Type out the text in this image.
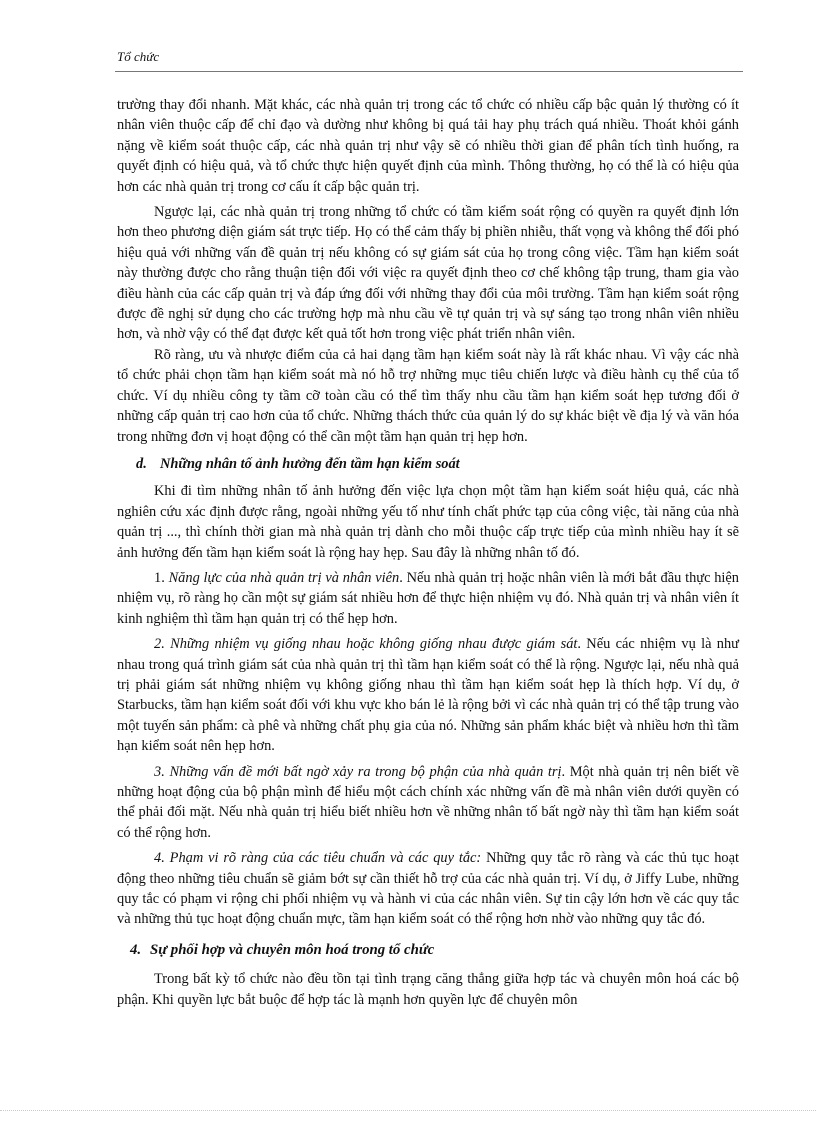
Tổ chức

trường thay đổi nhanh. Mặt khác, các nhà quản trị trong các tổ chức có nhiều cấp bậc quản lý thường có ít nhân viên thuộc cấp để chỉ đạo và dường như không bị quá tải hay phụ trách quá nhiều. Thoát khỏi gánh nặng về kiểm soát thuộc cấp, các nhà quản trị như vậy sẽ có nhiều thời gian để phân tích tình huống, ra quyết định có hiệu quả, và tổ chức thực hiện quyết định của mình. Thông thường, họ có thể là có hiệu qủa hơn các nhà quản trị trong cơ cấu ít cấp bậc quản trị.

Ngược lại, các nhà quản trị trong những tổ chức có tầm kiểm soát rộng có quyền ra quyết định lớn hơn theo phương diện giám sát trực tiếp. Họ có thể cảm thấy bị phiền nhiễu, thất vọng và không thể đối phó hiệu quả với những vấn đề quản trị nếu không có sự giám sát của họ trong công việc. Tầm hạn kiểm soát này thường được cho rằng thuận tiện đối với việc ra quyết định theo cơ chế không tập trung, tham gia vào điều hành của các cấp quản trị và đáp ứng đối với những thay đổi của môi trường. Tầm hạn kiểm soát rộng được đề nghị sử dụng cho các trường hợp mà nhu cầu về tự quản trị và sự sáng tạo trong nhân viên nhiều hơn, và nhờ vậy có thể đạt được kết quả tốt hơn trong việc phát triển nhân viên.

Rõ ràng, ưu và nhược điểm của cả hai dạng tầm hạn kiểm soát này là rất khác nhau. Vì vậy các nhà tổ chức phải chọn tầm hạn kiểm soát mà nó hỗ trợ những mục tiêu chiến lược và điều hành cụ thể của tổ chức. Ví dụ nhiều công ty tầm cỡ toàn cầu có thể tìm thấy nhu cầu tầm hạn kiểm soát hẹp tương đối ở những cấp quản trị cao hơn của tổ chức. Những thách thức của quản lý do sự khác biệt về địa lý và văn hóa trong những đơn vị hoạt động có thể cần một tầm hạn quản trị hẹp hơn.

d. Những nhân tố ảnh hưởng đến tầm hạn kiểm soát

Khi đi tìm những nhân tố ảnh hưởng đến việc lựa chọn một tầm hạn kiểm soát hiệu quả, các nhà nghiên cứu xác định được rằng, ngoài những yếu tố như tính chất phức tạp của công việc, tài năng của nhà quản trị ..., thì chính thời gian mà nhà quản trị dành cho mỗi thuộc cấp trực tiếp của mình nhiều hay ít sẽ ảnh hưởng đến tầm hạn kiểm soát là rộng hay hẹp. Sau đây là những nhân tố đó.

1. Năng lực của nhà quản trị và nhân viên. Nếu nhà quản trị hoặc nhân viên là mới bắt đầu thực hiện nhiệm vụ, rõ ràng họ cần một sự giám sát nhiều hơn để thực hiện nhiệm vụ đó. Nhà quản trị và nhân viên ít kinh nghiệm thì tầm hạn quản trị có thể hẹp hơn.

2. Những nhiệm vụ giống nhau hoặc không giống nhau được giám sát. Nếu các nhiệm vụ là như nhau trong quá trình giám sát của nhà quản trị thì tầm hạn kiểm soát có thể là rộng. Ngược lại, nếu nhà quả trị phải giám sát những nhiệm vụ không giống nhau thì tầm hạn kiểm soát hẹp là thích hợp. Ví dụ, ở Starbucks, tầm hạn kiểm soát đối với khu vực kho bán lẻ là rộng bởi vì các nhà quản trị có thể tập trung vào một tuyến sản phẩm: cà phê và những chất phụ gia của nó. Những sản phẩm khác biệt và nhiều hơn thì tầm hạn kiểm soát nên hẹp hơn.

3. Những vấn đề mới bất ngờ xảy ra trong bộ phận của nhà quản trị. Một nhà quản trị nên biết về những hoạt động của bộ phận mình để hiểu một cách chính xác những vấn đề mà nhân viên dưới quyền có thể phải đối mặt. Nếu nhà quản trị hiểu biết nhiều hơn về những nhân tố bất ngờ này thì tầm hạn kiểm soát có thể rộng hơn.

4. Phạm vi rõ ràng của các tiêu chuẩn và các quy tắc: Những quy tắc rõ ràng và các thủ tục hoạt động theo những tiêu chuẩn sẽ giảm bớt sự cần thiết hỗ trợ của các nhà quản trị. Ví dụ, ở Jiffy Lube, những quy tắc có phạm vi rộng chi phối nhiệm vụ và hành vi của các nhân viên. Sự tin cậy lớn hơn về các quy tắc và những thủ tục hoạt động chuẩn mực, tầm hạn kiểm soát có thể rộng hơn nhờ vào những quy tắc đó.

4. Sự phối hợp và chuyên môn hoá trong tổ chức

Trong bất kỳ tổ chức nào đều tồn tại tình trạng căng thẳng giữa hợp tác và chuyên môn hoá các bộ phận. Khi quyền lực bắt buộc để hợp tác là mạnh hơn quyền lực để chuyên môn
